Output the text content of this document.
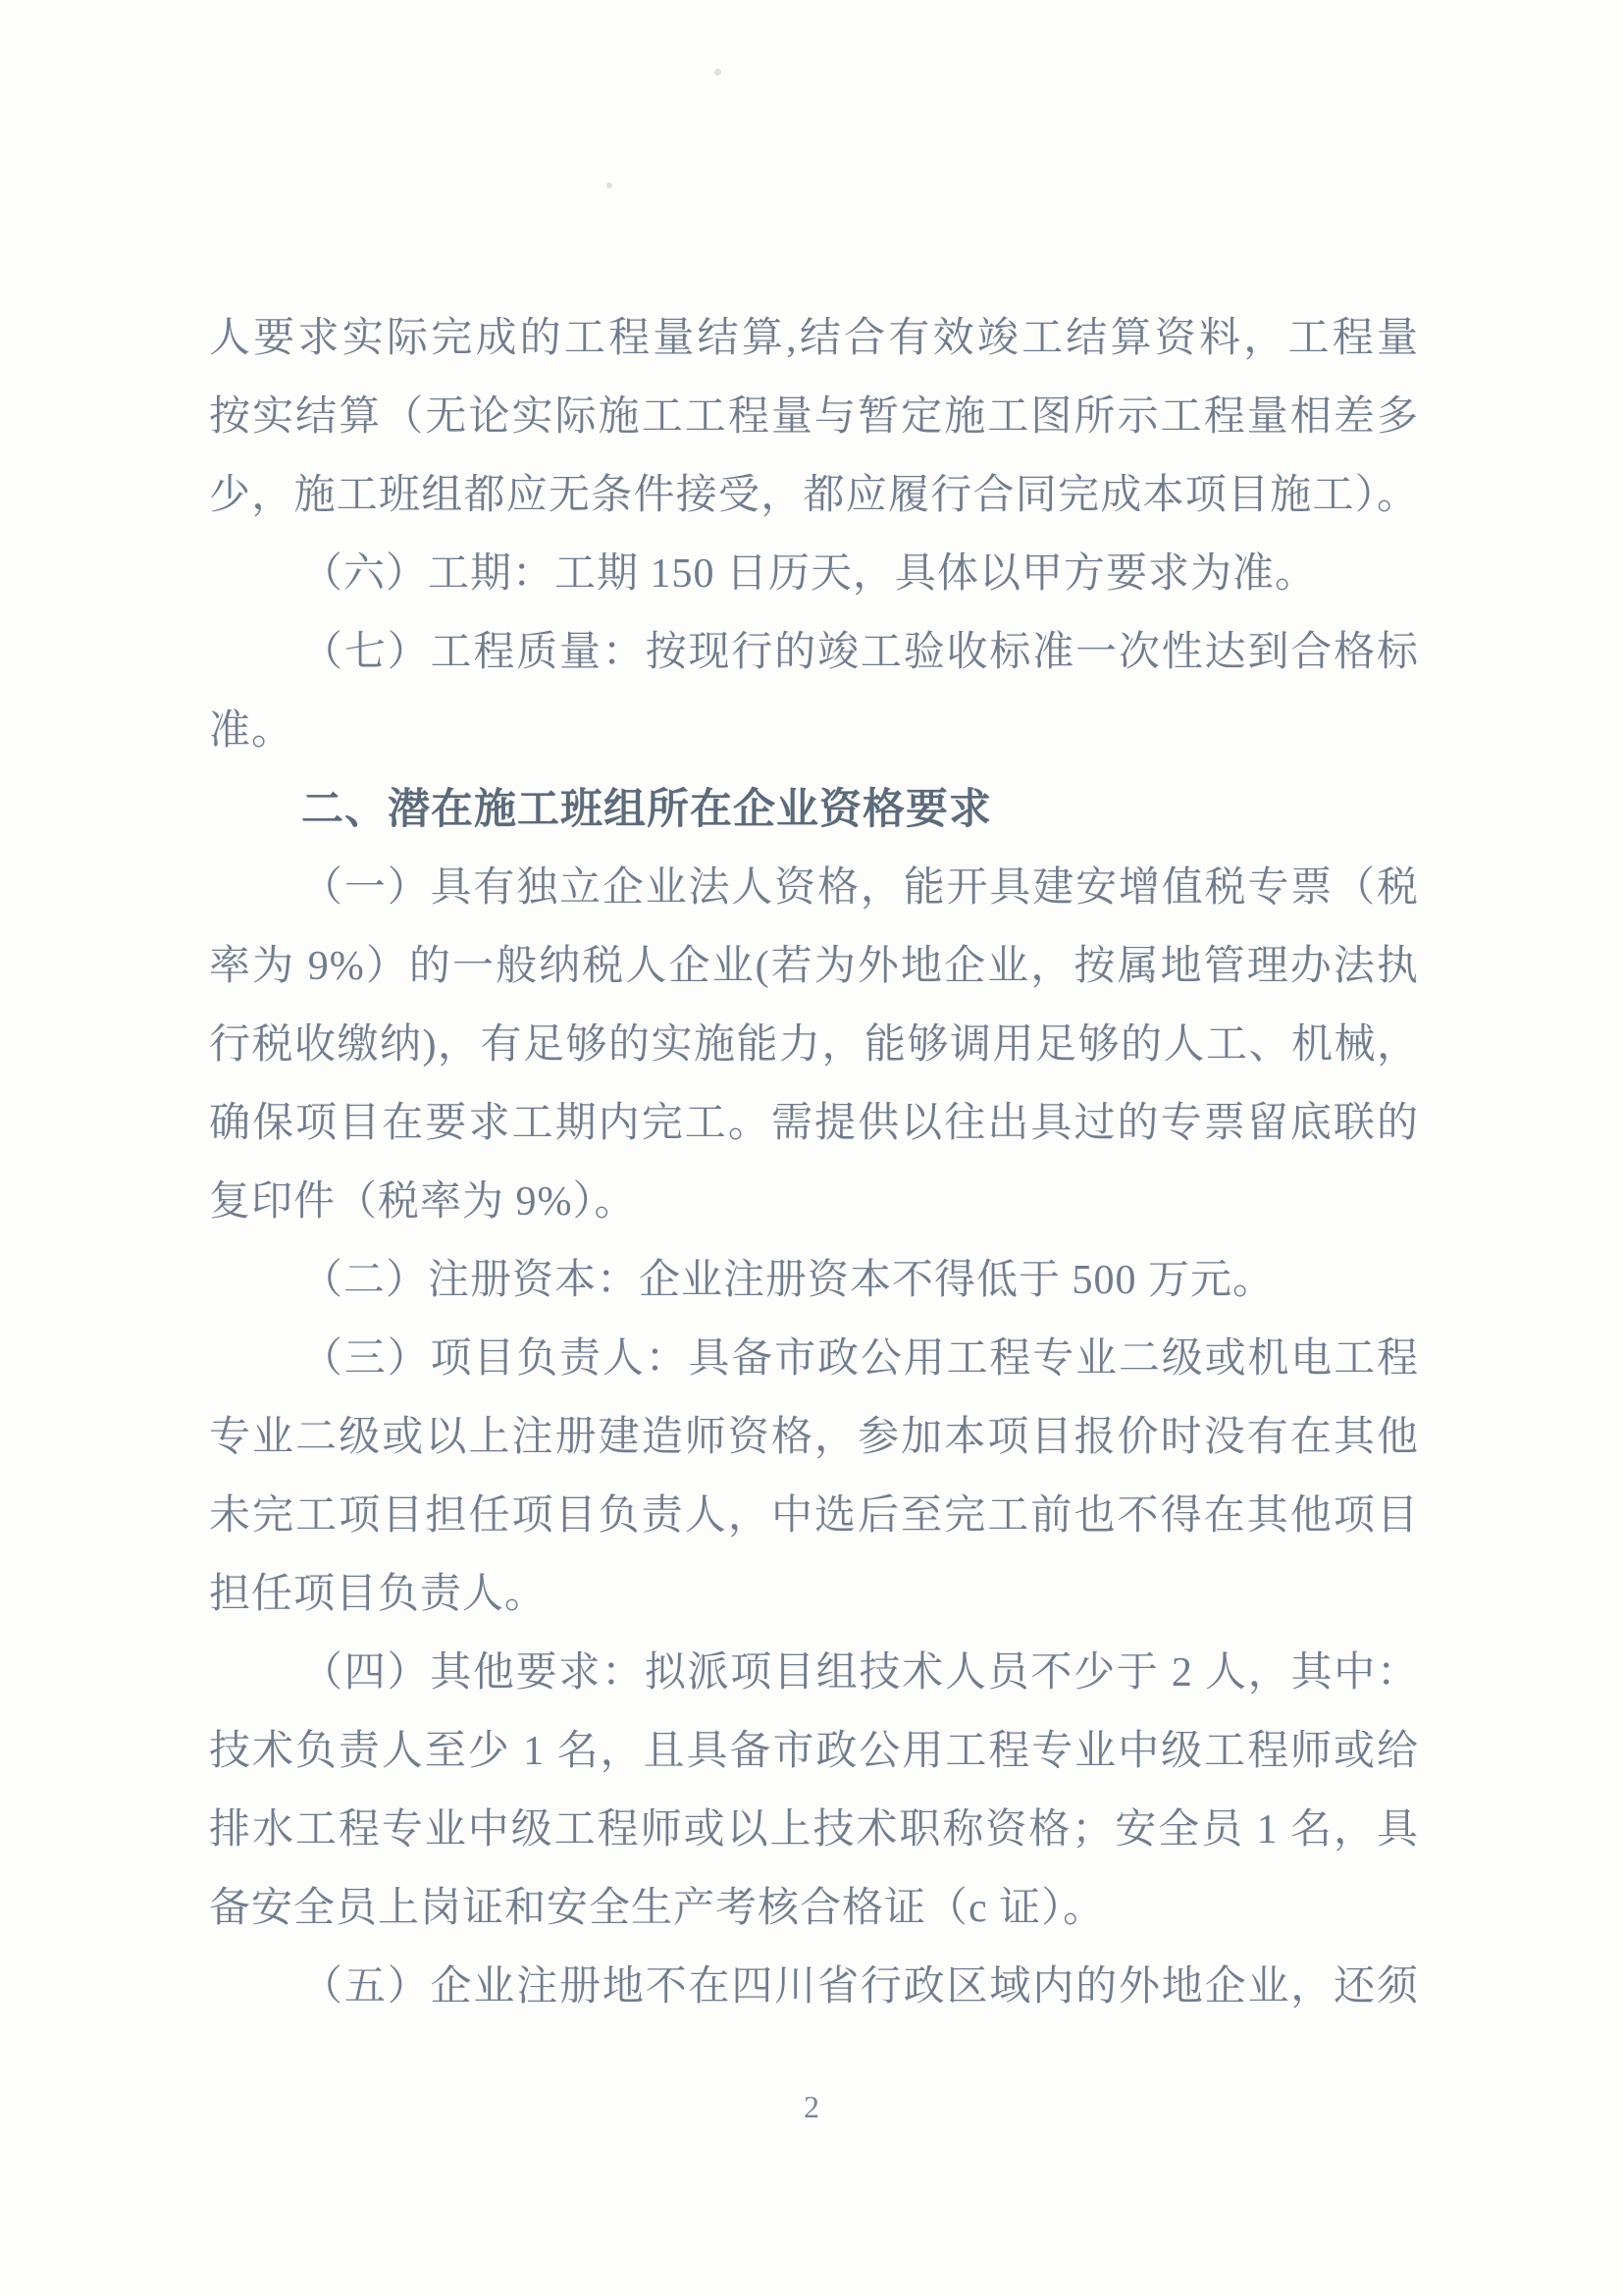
人要求实际完成的工程量结算,结合有效竣工结算资料，工程量
按实结算（无论实际施工工程量与暂定施工图所示工程量相差多
少，施工班组都应无条件接受，都应履行合同完成本项目施工）。
（六）工期：工期 150 日历天，具体以甲方要求为准。
（七）工程质量：按现行的竣工验收标准一次性达到合格标
准。
二、潜在施工班组所在企业资格要求
（一）具有独立企业法人资格，能开具建安增值税专票（税
率为 9%）的一般纳税人企业(若为外地企业，按属地管理办法执
行税收缴纳)，有足够的实施能力，能够调用足够的人工、机械，
确保项目在要求工期内完工。需提供以往出具过的专票留底联的
复印件（税率为 9%）。
（二）注册资本：企业注册资本不得低于 500 万元。
（三）项目负责人：具备市政公用工程专业二级或机电工程
专业二级或以上注册建造师资格，参加本项目报价时没有在其他
未完工项目担任项目负责人，中选后至完工前也不得在其他项目
担任项目负责人。
（四）其他要求：拟派项目组技术人员不少于 2 人，其中：
技术负责人至少 1 名，且具备市政公用工程专业中级工程师或给
排水工程专业中级工程师或以上技术职称资格；安全员 1 名，具
备安全员上岗证和安全生产考核合格证（c 证）。
（五）企业注册地不在四川省行政区域内的外地企业，还须
2
